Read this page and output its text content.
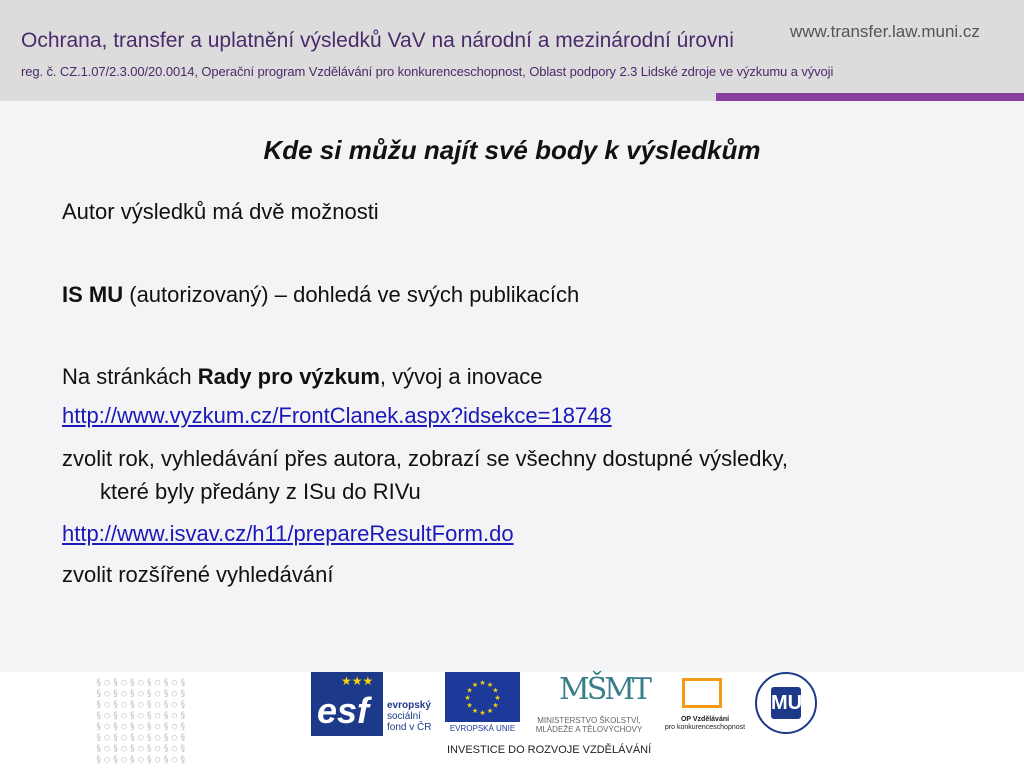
Ochrana, transfer a uplatnění výsledků VaV na národní a mezinárodní úrovni	www.transfer.law.muni.cz
reg. č. CZ.1.07/2.3.00/20.0014, Operační program Vzdělávání pro konkurenceschopnost, Oblast podpory 2.3 Lidské zdroje ve výzkumu a vývoji
Kde si můžu najít své body k výsledkům
Autor výsledků má dvě možnosti
IS MU (autorizovaný) – dohledá ve svých publikacích
Na stránkách Rady pro výzkum, vývoj a inovace
http://www.vyzkum.cz/FrontClanek.aspx?idsekce=18748
zvolit rok, vyhledávání přes autora, zobrazí se všechny dostupné výsledky,
které byly předány z ISu do RIVu
http://www.isvav.cz/h11/prepareResultForm.do
zvolit rozšířené vyhledávání
§○§○§○§○§○§
§○§○§○§○§○§
§○§○§○§○§○§
§○§○§○§○§○§
§○§○§○§○§○§
§○§○§○§○§○§
§○§○§○§○§○§
§○§○§○§○§○§
★★★
esf evropský
sociální
fond v ČR
★ ★
★
★
★
★
★
★
★
★
★
★
EVROPSKÁ UNIE
MŠMT
MINISTERSTVO ŠKOLSTVÍ,
MLÁDEŽE A TĚLOVÝCHOVY
OP Vzdělávání
pro konkurenceschopnost
MU
INVESTICE DO ROZVOJE VZDĚLÁVÁNÍ
